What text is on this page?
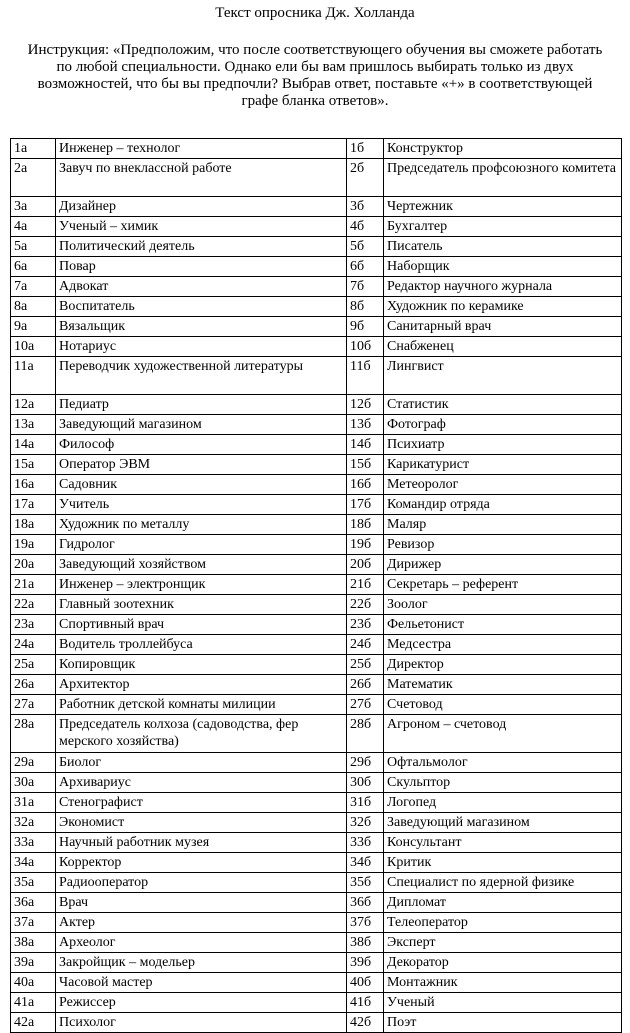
Текст опросника Дж. Холланда
Инструкция: «Предположим, что после соответствующего обучения вы сможете работать по любой специальности. Однако ели бы вам пришлось выбирать только из двух возможностей, что бы вы предпочли? Выбрав ответ, поставьте «+» в соответствующей графе бланка ответов».
1а	Инженер – технолог	1б	Конструктор
2а	Завуч по внеклассной работе	2б	Председатель профсоюзного комитета
3а	Дизайнер	3б	Чертежник
4а	Ученый – химик	4б	Бухгалтер
5а	Политический деятель	5б	Писатель
6а	Повар	6б	Наборщик
7а	Адвокат	7б	Редактор научного журнала
8а	Воспитатель	8б	Художник по керамике
9а	Вязальщик	9б	Санитарный врач
10а	Нотариус	10б	Снабженец
11а	Переводчик художественной литературы	11б	Лингвист
12а	Педиатр	12б	Статистик
13а	Заведующий магазином	13б	Фотограф
14а	Философ	14б	Психиатр
15а	Оператор ЭВМ	15б	Карикатурист
16а	Садовник	16б	Метеоролог
17а	Учитель	17б	Командир отряда
18а	Художник по металлу	18б	Маляр
19а	Гидролог	19б	Ревизор
20а	Заведующий хозяйством	20б	Дирижер
21а	Инженер – электронщик	21б	Секретарь – референт
22а	Главный зоотехник	22б	Зоолог
23а	Спортивный врач	23б	Фельетонист
24а	Водитель троллейбуса	24б	Медсестра
25а	Копировщик	25б	Директор
26а	Архитектор	26б	Математик
27а	Работник детской комнаты милиции	27б	Счетовод
28а	Председатель колхоза (садоводства, фер мерского хозяйства)	28б	Агроном – счетовод
29а	Биолог	29б	Офтальмолог
30а	Архивариус	30б	Скульптор
31а	Стенографист	31б	Логопед
32а	Экономист	32б	Заведующий магазином
33а	Научный работник музея	33б	Консультант
34а	Корректор	34б	Критик
35а	Радиооператор	35б	Специалист по ядерной физике
36а	Врач	36б	Дипломат
37а	Актер	37б	Телеоператор
38а	Археолог	38б	Эксперт
39а	Закройщик – модельер	39б	Декоратор
40а	Часовой мастер	40б	Монтажник
41а	Режиссер	41б	Ученый
42а	Психолог	42б	Поэт
